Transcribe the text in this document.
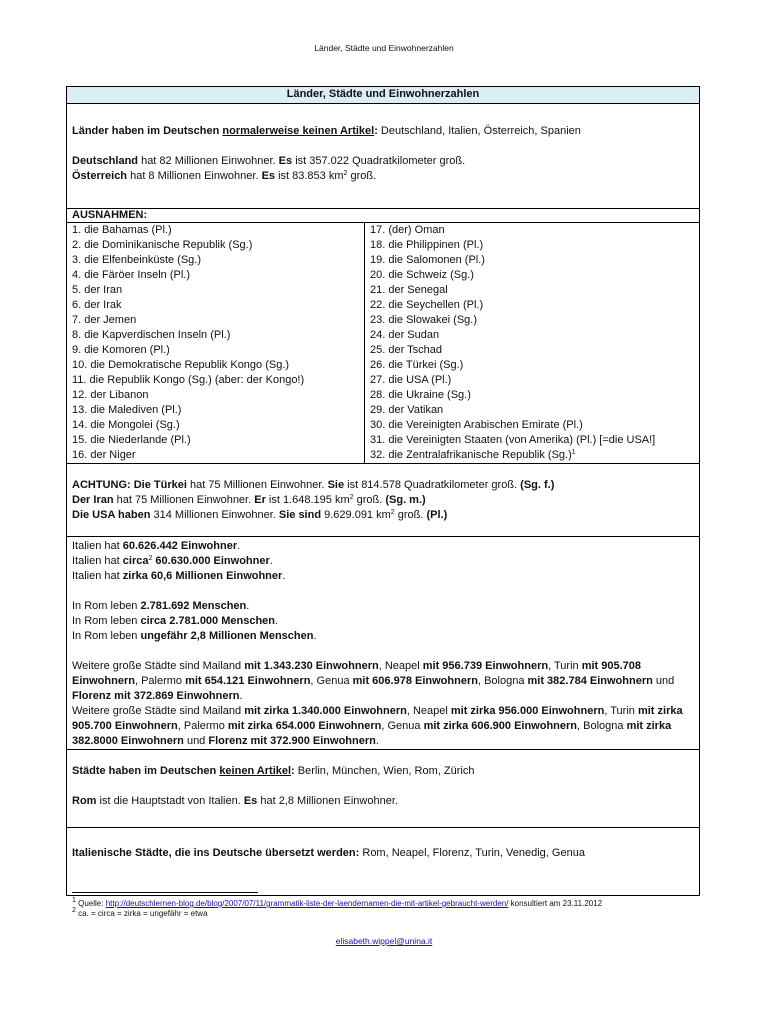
Länder, Städte und Einwohnerzahlen
Länder, Städte und Einwohnerzahlen

Länder haben im Deutschen normalerweise keinen Artikel: Deutschland, Italien, Österreich, Spanien
Deutschland hat 82 Millionen Einwohner. Es ist 357.022 Quadratkilometer groß.
Österreich hat 8 Millionen Einwohner. Es ist 83.853 $km^2$ groß.

AUSNAHMEN:

1. die Bahamas (Pl.)
2. die Dominikanische Republik (Sg.)
3. die Elfenbeinküste (Sg.)
4. die Färöer Inseln (Pl.)
5. der Iran
6. der Irak
7. der Jemen
8. die Kapverdischen Inseln (Pl.)
9. die Komoren (Pl.)
10. die Demokratische Republik Kongo (Sg.)
11. die Republik Kongo (Sg.) (aber: der Kongo!)
12. der Libanon
13. die Malediven (Pl.)
14. die Mongolei (Sg.)
15. die Niederlande (Pl.)
16. der Niger

17. (der) Oman
18. die Philippinen (Pl.)
19. die Salomonen (Pl.)
20. die Schweiz (Sg.)
21. der Senegal
22. die Seychellen (Pl.)
23. die Slowakei (Sg.)
24. der Sudan
25. der Tschad
26. die Türkei (Sg.)
27. die USA (Pl.)
28. die Ukraine (Sg.)
29. der Vatikan
30. die Vereinigten Arabischen Emirate (Pl.)
31. die Vereinigten Staaten (von Amerika) (Pl.) [=die USA!]
32. die Zentralafrikanische Republik $(Sg.)^1$

ACHTUNG: Die Türkei hat 75 Millionen Einwohner. Sie ist 814.578 Quadratkilometer groß. (Sg. f.)
Der Iran hat 75 Millionen Einwohner. Er ist 1.648.195 $km^2$ groß. (Sg. m.)
Die USA haben 314 Millionen Einwohner. Sie sind 9.629.091 $km^2$ groß. (Pl.)

Italien hat 60.626.442 Einwohner.
Italien hat circa$^2$ 60.630.000 Einwohner.
Italien hat zirka 60,6 Millionen Einwohner.
In Rom leben 2.781.692 Menschen.
In Rom leben circa 2.781.000 Menschen.
In Rom leben ungefähr 2,8 Millionen Menschen.
Weitere große Städte sind Mailand mit 1.343.230 Einwohnern, Neapel mit 956.739 Einwohnern, Turin mit 905.708 Einwohnern, Palermo mit 654.121 Einwohnern, Genua mit 606.978 Einwohnern, Bologna mit 382.784 Einwohnern und Florenz mit 372.869 Einwohnern.
Weitere große Städte sind Mailand mit zirka 1.340.000 Einwohnern, Neapel mit zirka 956.000 Einwohnern, Turin mit zirka 905.700 Einwohnern, Palermo mit zirka 654.000 Einwohnern, Genua mit zirka 606.900 Einwohnern, Bologna mit zirka 382.8000 Einwohnern und Florenz mit 372.900 Einwohnern.

Städte haben im Deutschen keinen Artikel: Berlin, München, Wien, Rom, Zürich
Rom ist die Hauptstadt von Italien. Es hat 2,8 Millionen Einwohner.

Italienische Städte, die ins Deutsche übersetzt werden: Rom, Neapel, Florenz, Turin, Venedig, Genua
$^1$ Quelle: http://deutschlernen-blog.de/blog/2007/07/11/grammatik-liste-der-laendernamen-die-mit-artikel-gebraucht-werden/ konsultiert am 23.11.2012
$^2$ ca. = circa = zirka = ungefähr = etwa
elisabeth.wippel@unina.it
